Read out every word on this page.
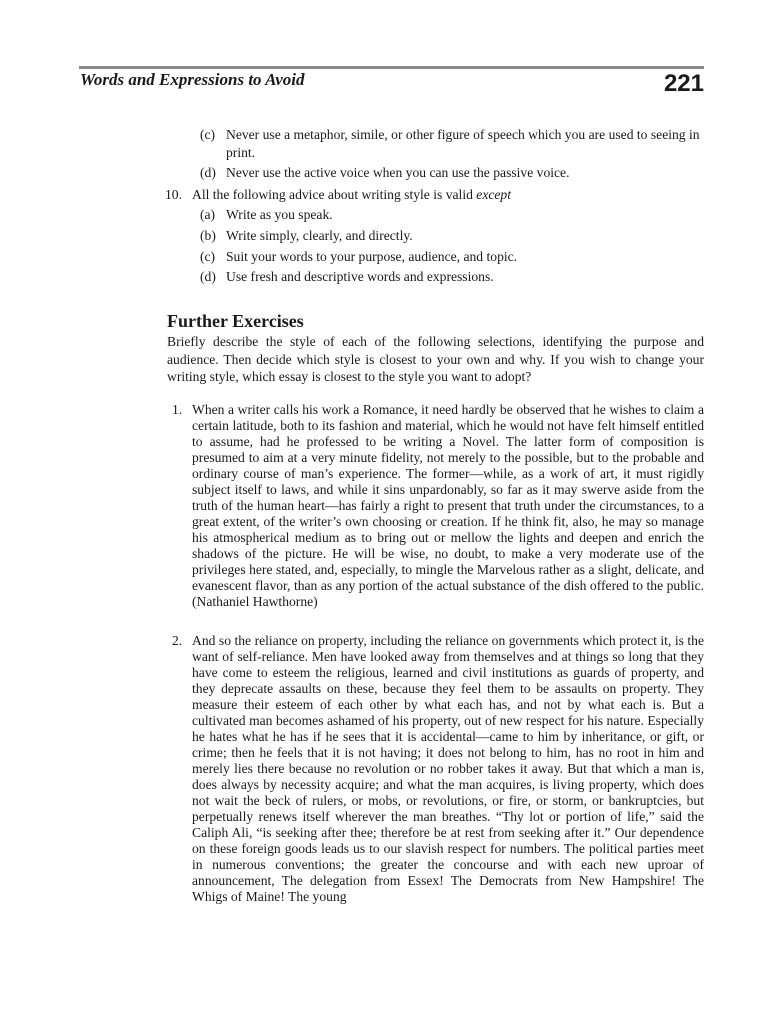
Words and Expressions to Avoid	221
(c) Never use a metaphor, simile, or other figure of speech which you are used to seeing in print.
(d) Never use the active voice when you can use the passive voice.
10. All the following advice about writing style is valid except
(a) Write as you speak.
(b) Write simply, clearly, and directly.
(c) Suit your words to your purpose, audience, and topic.
(d) Use fresh and descriptive words and expressions.
Further Exercises
Briefly describe the style of each of the following selections, identifying the purpose and audience. Then decide which style is closest to your own and why. If you wish to change your writing style, which essay is closest to the style you want to adopt?
1. When a writer calls his work a Romance, it need hardly be observed that he wishes to claim a certain latitude, both to its fashion and material, which he would not have felt himself entitled to assume, had he professed to be writing a Novel. The latter form of composition is presumed to aim at a very minute fidelity, not merely to the possible, but to the probable and ordinary course of man’s experience. The former—while, as a work of art, it must rigidly subject itself to laws, and while it sins unpardonably, so far as it may swerve aside from the truth of the human heart—has fairly a right to present that truth under the circumstances, to a great extent, of the writer’s own choosing or creation. If he think fit, also, he may so manage his atmospherical medium as to bring out or mellow the lights and deepen and enrich the shadows of the picture. He will be wise, no doubt, to make a very moderate use of the privileges here stated, and, especially, to mingle the Marvelous rather as a slight, delicate, and evanescent flavor, than as any portion of the actual substance of the dish offered to the public. (Nathaniel Hawthorne)
2. And so the reliance on property, including the reliance on governments which protect it, is the want of self-reliance. Men have looked away from themselves and at things so long that they have come to esteem the religious, learned and civil institutions as guards of property, and they deprecate assaults on these, because they feel them to be assaults on property. They measure their esteem of each other by what each has, and not by what each is. But a cultivated man becomes ashamed of his property, out of new respect for his nature. Especially he hates what he has if he sees that it is accidental—came to him by inheritance, or gift, or crime; then he feels that it is not having; it does not belong to him, has no root in him and merely lies there because no revolution or no robber takes it away. But that which a man is, does always by necessity acquire; and what the man acquires, is living property, which does not wait the beck of rulers, or mobs, or revolutions, or fire, or storm, or bankruptcies, but perpetually renews itself wherever the man breathes. “Thy lot or portion of life,” said the Caliph Ali, “is seeking after thee; therefore be at rest from seeking after it.” Our dependence on these foreign goods leads us to our slavish respect for numbers. The political parties meet in numerous conventions; the greater the concourse and with each new uproar of announcement, The delegation from Essex! The Democrats from New Hampshire! The Whigs of Maine! The young
